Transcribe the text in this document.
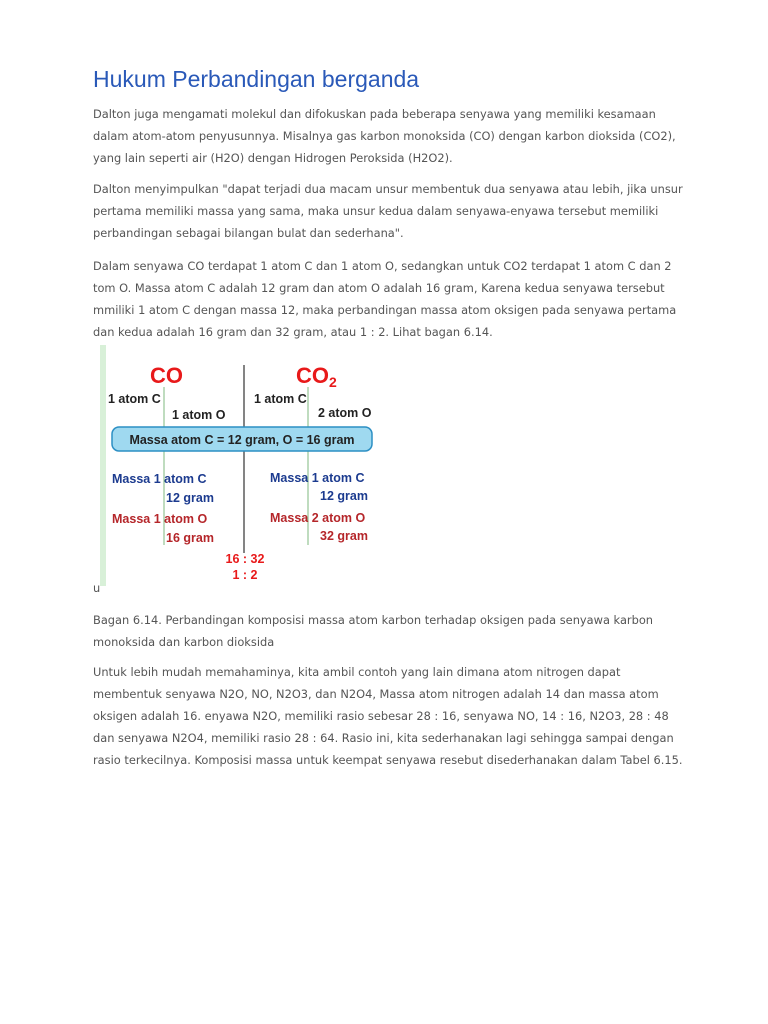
Hukum Perbandingan berganda

Dalton juga mengamati molekul dan difokuskan pada beberapa senyawa yang memiliki kesamaan dalam atom-atom penyusunnya. Misalnya gas karbon monoksida (CO) dengan karbon dioksida (CO2), yang lain seperti air (H2O) dengan Hidrogen Peroksida (H2O2).

Dalton menyimpulkan "dapat terjadi dua macam unsur membentuk dua senyawa atau lebih, jika unsur pertama memiliki massa yang sama, maka unsur kedua dalam senyawa-enyawa tersebut memiliki perbandingan sebagai bilangan bulat dan sederhana".

Dalam senyawa CO terdapat 1 atom C dan 1 atom O, sedangkan untuk CO2 terdapat 1 atom C dan 2 tom O. Massa atom C adalah 12 gram dan atom O adalah 16 gram, Karena kedua senyawa tersebut mmiliki 1 atom C dengan massa 12, maka perbandingan massa atom oksigen pada senyawa pertama dan kedua adalah 16 gram dan 32 gram, atau 1 : 2. Lihat bagan 6.14.

u

Bagan 6.14. Perbandingan komposisi massa atom karbon terhadap oksigen pada senyawa karbon monoksida dan karbon dioksida

Untuk lebih mudah memahaminya, kita ambil contoh yang lain dimana atom nitrogen dapat membentuk senyawa N2O, NO, N2O3, dan N2O4, Massa atom nitrogen adalah 14 dan massa atom oksigen adalah 16. enyawa N2O, memiliki rasio sebesar 28 : 16, senyawa NO, 14 : 16, N2O3, 28 : 48 dan senyawa N2O4, memiliki rasio 28 : 64. Rasio ini, kita sederhanakan lagi sehingga sampai dengan rasio terkecilnya. Komposisi massa untuk keempat senyawa resebut disederhanakan dalam Tabel 6.15.

CO	CO2
1 atom C
1 atom O
1 atom C
2 atom O
Massa atom C = 12 gram, O = 16 gram
Massa 1 atom C
12 gram
Massa 1 atom O
16 gram
Massa 1 atom C
12 gram
Massa 2 atom O
32 gram
16 : 32
1 : 2
